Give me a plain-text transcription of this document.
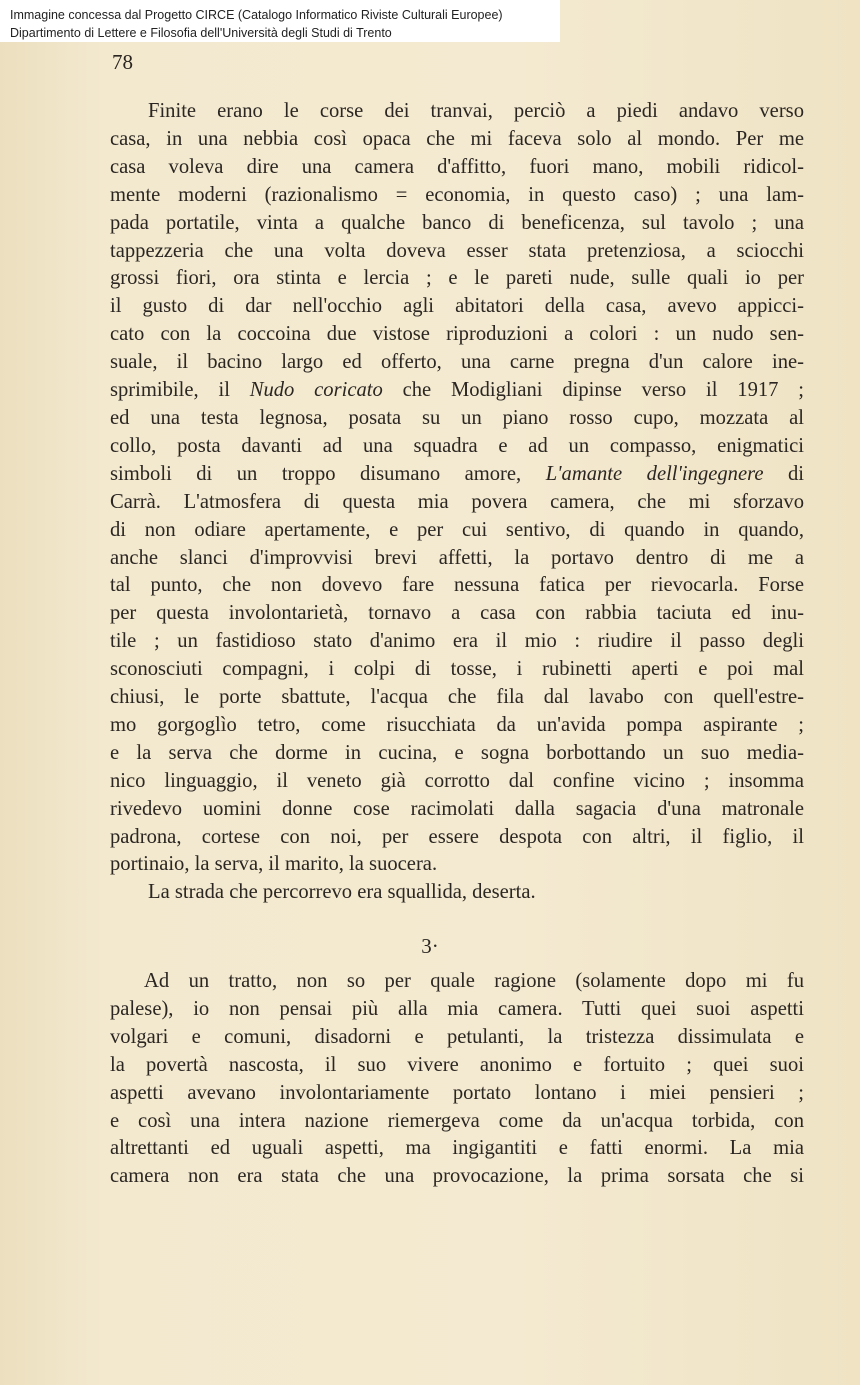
Immagine concessa dal Progetto CIRCE (Catalogo Informatico Riviste Culturali Europee)
Dipartimento di Lettere e Filosofia dell'Università degli Studi di Trento
78
Finite erano le corse dei tranvai, perciò a piedi andavo verso
casa, in una nebbia così opaca che mi faceva solo al mondo. Per me
casa voleva dire una camera d'affitto, fuori mano, mobili ridicol-
mente moderni (razionalismo = economia, in questo caso) ; una lam-
pada portatile, vinta a qualche banco di beneficenza, sul tavolo ; una
tappezzeria che una volta doveva esser stata pretenziosa, a sciocchi
grossi fiori, ora stinta e lercia ; e le pareti nude, sulle quali io per
il gusto di dar nell'occhio agli abitatori della casa, avevo appicci-
cato con la coccoina due vistose riproduzioni a colori : un nudo sen-
suale, il bacino largo ed offerto, una carne pregna d'un calore ine-
sprimibile, il Nudo coricato che Modigliani dipinse verso il 1917 ;
ed una testa legnosa, posata su un piano rosso cupo, mozzata al
collo, posta davanti ad una squadra e ad un compasso, enigmatici
simboli di un troppo disumano amore, L'amante dell'ingegnere di
Carrà. L'atmosfera di questa mia povera camera, che mi sforzavo
di non odiare apertamente, e per cui sentivo, di quando in quando,
anche slanci d'improvvisi brevi affetti, la portavo dentro di me a
tal punto, che non dovevo fare nessuna fatica per rievocarla. Forse
per questa involontarietà, tornavo a casa con rabbia taciuta ed inu-
tile ; un fastidioso stato d'animo era il mio : riudire il passo degli
sconosciuti compagni, i colpi di tosse, i rubinetti aperti e poi mal
chiusi, le porte sbattute, l'acqua che fila dal lavabo con quell'estre-
mo gorgoglìo tetro, come risucchiata da un'avida pompa aspirante ;
e la serva che dorme in cucina, e sogna borbottando un suo media-
nico linguaggio, il veneto già corrotto dal confine vicino ; insomma
rivedevo uomini donne cose racimolati dalla sagacia d'una matronale
padrona, cortese con noi, per essere despota con altri, il figlio, il
portinaio, la serva, il marito, la suocera.
La strada che percorrevo era squallida, deserta.
3·
Ad un tratto, non so per quale ragione (solamente dopo mi fu
palese), io non pensai più alla mia camera. Tutti quei suoi aspetti
volgari e comuni, disadorni e petulanti, la tristezza dissimulata e
la povertà nascosta, il suo vivere anonimo e fortuito ; quei suoi
aspetti avevano involontariamente portato lontano i miei pensieri ;
e così una intera nazione riemergeva come da un'acqua torbida, con
altrettanti ed uguali aspetti, ma ingigantiti e fatti enormi. La mia
camera non era stata che una provocazione, la prima sorsata che si
